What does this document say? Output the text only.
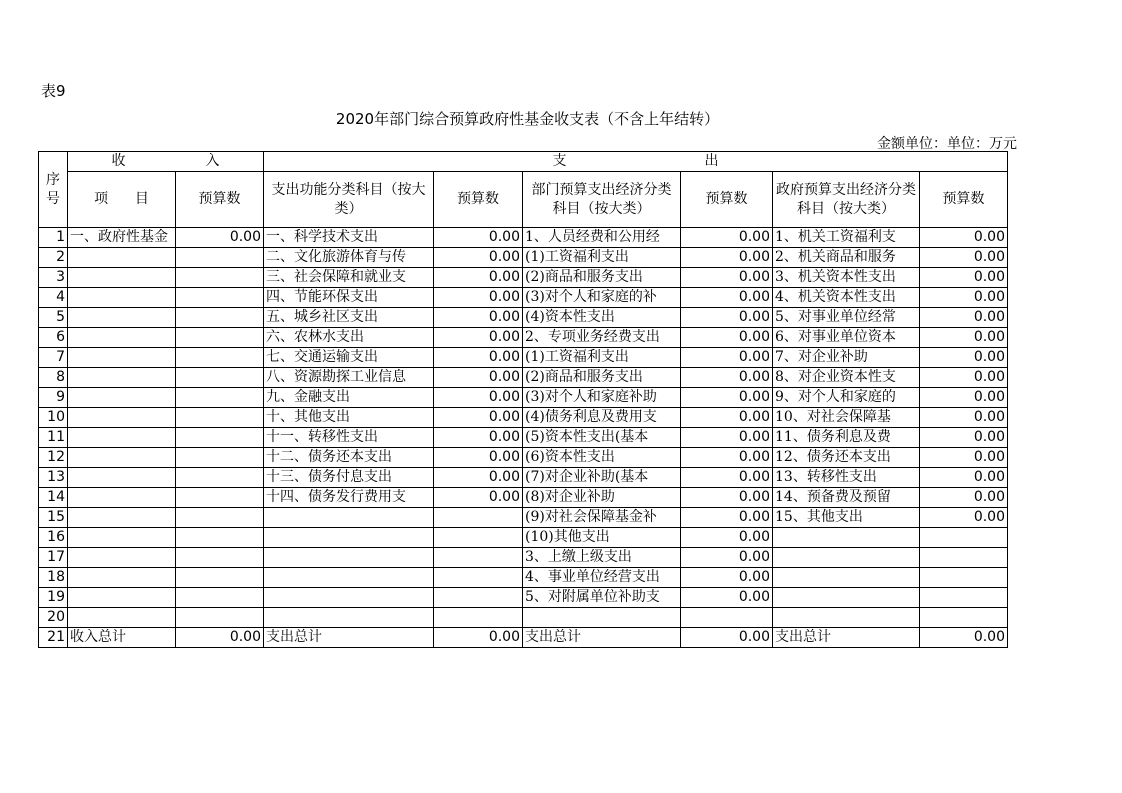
表9
2020年部门综合预算政府性基金收支表（不含上年结转）
金额单位：单位：万元
序号	收                  入		支                               出					
	项      目	预算数	支出功能分类科目（按大类）	预算数	部门预算支出经济分类科目（按大类）	预算数	政府预算支出经济分类科目（按大类）	预算数
1	一、政府性基金	0.00	一、科学技术支出	0.00	1、人员经费和公用经	0.00	1、机关工资福利支	0.00
2			二、文化旅游体育与传	0.00	(1)工资福利支出	0.00	2、机关商品和服务	0.00
3			三、社会保障和就业支	0.00	(2)商品和服务支出	0.00	3、机关资本性支出	0.00
4			四、节能环保支出	0.00	(3)对个人和家庭的补	0.00	4、机关资本性支出	0.00
5			五、城乡社区支出	0.00	(4)资本性支出	0.00	5、对事业单位经常	0.00
6			六、农林水支出	0.00	2、专项业务经费支出	0.00	6、对事业单位资本	0.00
7			七、交通运输支出	0.00	(1)工资福利支出	0.00	7、对企业补助	0.00
8			八、资源勘探工业信息	0.00	(2)商品和服务支出	0.00	8、对企业资本性支	0.00
9			九、金融支出	0.00	(3)对个人和家庭补助	0.00	9、对个人和家庭的	0.00
10			十、其他支出	0.00	(4)债务利息及费用支	0.00	10、对社会保障基	0.00
11			十一、转移性支出	0.00	(5)资本性支出(基本	0.00	11、债务利息及费	0.00
12			十二、债务还本支出	0.00	(6)资本性支出	0.00	12、债务还本支出	0.00
13			十三、债务付息支出	0.00	(7)对企业补助(基本	0.00	13、转移性支出	0.00
14			十四、债务发行费用支	0.00	(8)对企业补助	0.00	14、预备费及预留	0.00
15					(9)对社会保障基金补	0.00	15、其他支出	0.00
16					(10)其他支出	0.00		
17					3、上缴上级支出	0.00		
18					4、事业单位经营支出	0.00		
19					5、对附属单位补助支	0.00		
20								
21	收入总计	0.00	支出总计	0.00	支出总计	0.00	支出总计	0.00
